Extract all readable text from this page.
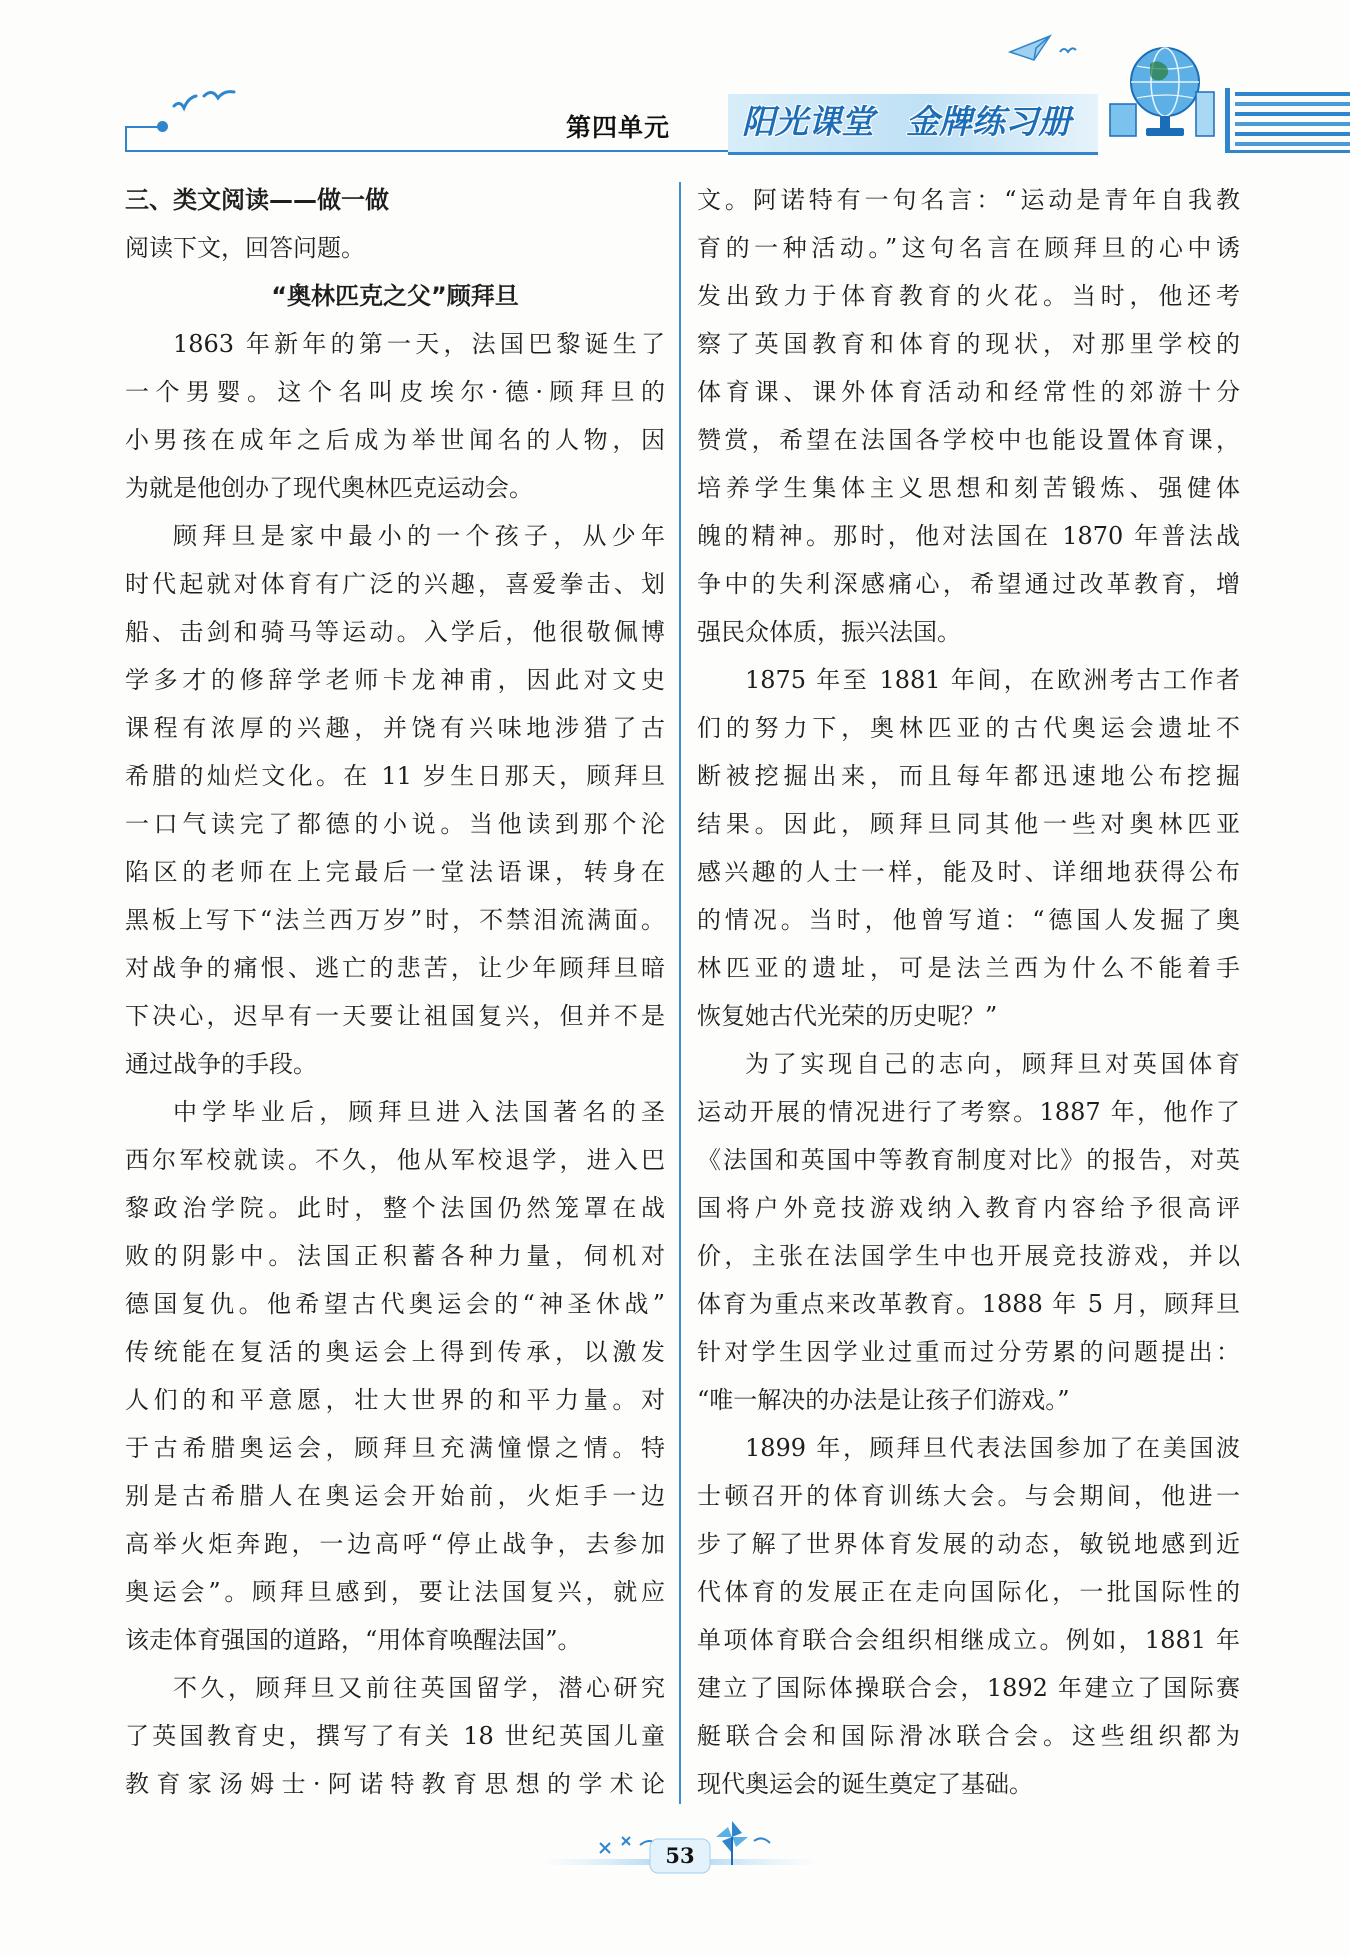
第四单元	阳光课堂 金牌练习册
三、类文阅读——做一做
阅读下文，回答问题。
“奥林匹克之父”顾拜旦
1863 年新年的第一天，法国巴黎诞生了
一个男婴。这个名叫皮埃尔·德·顾拜旦的
小男孩在成年之后成为举世闻名的人物，因
为就是他创办了现代奥林匹克运动会。
顾拜旦是家中最小的一个孩子，从少年
时代起就对体育有广泛的兴趣，喜爱拳击、划
船、击剑和骑马等运动。入学后，他很敬佩博
学多才的修辞学老师卡龙神甫，因此对文史
课程有浓厚的兴趣，并饶有兴味地涉猎了古
希腊的灿烂文化。在 11 岁生日那天，顾拜旦
一口气读完了都德的小说。当他读到那个沦
陷区的老师在上完最后一堂法语课，转身在
黑板上写下“法兰西万岁”时，不禁泪流满面。
对战争的痛恨、逃亡的悲苦，让少年顾拜旦暗
下决心，迟早有一天要让祖国复兴，但并不是
通过战争的手段。
中学毕业后，顾拜旦进入法国著名的圣
西尔军校就读。不久，他从军校退学，进入巴
黎政治学院。此时，整个法国仍然笼罩在战
败的阴影中。法国正积蓄各种力量，伺机对
德国复仇。他希望古代奥运会的“神圣休战”
传统能在复活的奥运会上得到传承，以激发
人们的和平意愿，壮大世界的和平力量。对
于古希腊奥运会，顾拜旦充满憧憬之情。特
别是古希腊人在奥运会开始前，火炬手一边
高举火炬奔跑，一边高呼“停止战争，去参加
奥运会”。顾拜旦感到，要让法国复兴，就应
该走体育强国的道路，“用体育唤醒法国”。
不久，顾拜旦又前往英国留学，潜心研究
了英国教育史，撰写了有关 18 世纪英国儿童
教育家汤姆士·阿诺特教育思想的学术论
文。阿诺特有一句名言：“运动是青年自我教
育的一种活动。”这句名言在顾拜旦的心中诱
发出致力于体育教育的火花。当时，他还考
察了英国教育和体育的现状，对那里学校的
体育课、课外体育活动和经常性的郊游十分
赞赏，希望在法国各学校中也能设置体育课，
培养学生集体主义思想和刻苦锻炼、强健体
魄的精神。那时，他对法国在 1870 年普法战
争中的失利深感痛心，希望通过改革教育，增
强民众体质，振兴法国。
1875 年至 1881 年间，在欧洲考古工作者
们的努力下，奥林匹亚的古代奥运会遗址不
断被挖掘出来，而且每年都迅速地公布挖掘
结果。因此，顾拜旦同其他一些对奥林匹亚
感兴趣的人士一样，能及时、详细地获得公布
的情况。当时，他曾写道：“德国人发掘了奥
林匹亚的遗址，可是法兰西为什么不能着手
恢复她古代光荣的历史呢？”
为了实现自己的志向，顾拜旦对英国体育
运动开展的情况进行了考察。1887 年，他作了
《法国和英国中等教育制度对比》的报告，对英
国将户外竞技游戏纳入教育内容给予很高评
价，主张在法国学生中也开展竞技游戏，并以
体育为重点来改革教育。1888 年 5 月，顾拜旦
针对学生因学业过重而过分劳累的问题提出：
“唯一解决的办法是让孩子们游戏。”
1899 年，顾拜旦代表法国参加了在美国波
士顿召开的体育训练大会。与会期间，他进一
步了解了世界体育发展的动态，敏锐地感到近
代体育的发展正在走向国际化，一批国际性的
单项体育联合会组织相继成立。例如，1881 年
建立了国际体操联合会，1892 年建立了国际赛
艇联合会和国际滑冰联合会。这些组织都为
现代奥运会的诞生奠定了基础。
53
